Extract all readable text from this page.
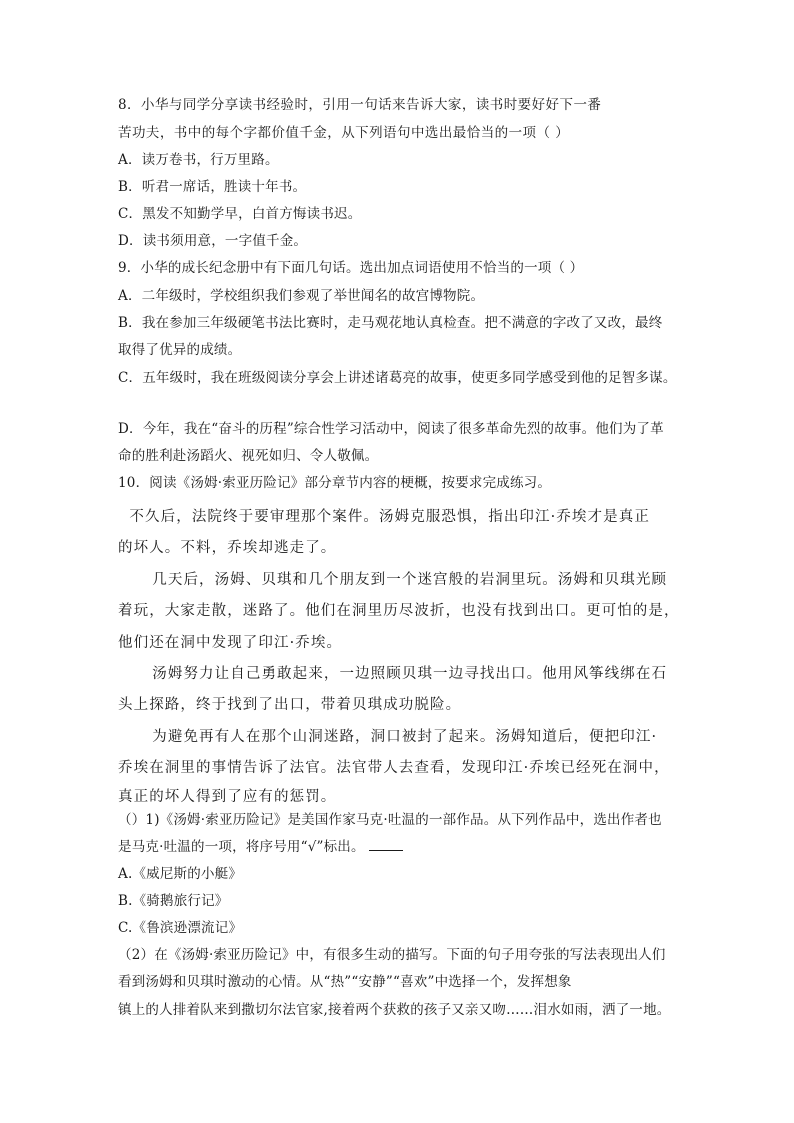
8．小华与同学分享读书经验时，引用一句话来告诉大家，读书时要好好下一番
苦功夫，书中的每个字都价值千金，从下列语句中选出最恰当的一项（ ）
A．读万卷书，行万里路。
B．听君一席话，胜读十年书。
C．黑发不知勤学早，白首方悔读书迟。
D．读书须用意，一字值千金。
9．小华的成长纪念册中有下面几句话。选出加点词语使用不恰当的一项（ ）
A．二年级时，学校组织我们参观了举世闻名的故宫博物院。
B．我在参加三年级硬笔书法比赛时，走马观花地认真检查。把不满意的字改了又改，最终
取得了优异的成绩。
C．五年级时，我在班级阅读分享会上讲述诸葛亮的故事，使更多同学感受到他的足智多谋。
D．今年，我在“奋斗的历程”综合性学习活动中，阅读了很多革命先烈的故事。他们为了革
命的胜利赴汤蹈火、视死如归、令人敬佩。
10．阅读《汤姆·索亚历险记》部分章节内容的梗概，按要求完成练习。
不久后，法院终于要审理那个案件。汤姆克服恐惧，指出印江·乔埃才是真正
的坏人。不料，乔埃却逃走了。
几天后，汤姆、贝琪和几个朋友到一个迷宫般的岩洞里玩。汤姆和贝琪光顾
着玩，大家走散，迷路了。他们在洞里历尽波折，也没有找到出口。更可怕的是，
他们还在洞中发现了印江·乔埃。
汤姆努力让自己勇敢起来，一边照顾贝琪一边寻找出口。他用风筝线绑在石
头上探路，终于找到了出口，带着贝琪成功脱险。
为避免再有人在那个山洞迷路，洞口被封了起来。汤姆知道后，便把印江·
乔埃在洞里的事情告诉了法官。法官带人去查看，发现印江·乔埃已经死在洞中，
真正的坏人得到了应有的惩罚。
（）1)《汤姆·索亚历险记》是美国作家马克·吐温的一部作品。从下列作品中，选出作者也
是马克·吐温的一项，将序号用“√”标出。
A.《威尼斯的小艇》
B.《骑鹅旅行记》
C.《鲁滨逊漂流记》
（2）在《汤姆·索亚历险记》中，有很多生动的描写。下面的句子用夸张的写法表现出人们
看到汤姆和贝琪时激动的心情。从“热”“安静”“喜欢”中选择一个，发挥想象
镇上的人排着队来到撒切尔法官家,接着两个获救的孩子又亲又吻……泪水如雨，洒了一地。
